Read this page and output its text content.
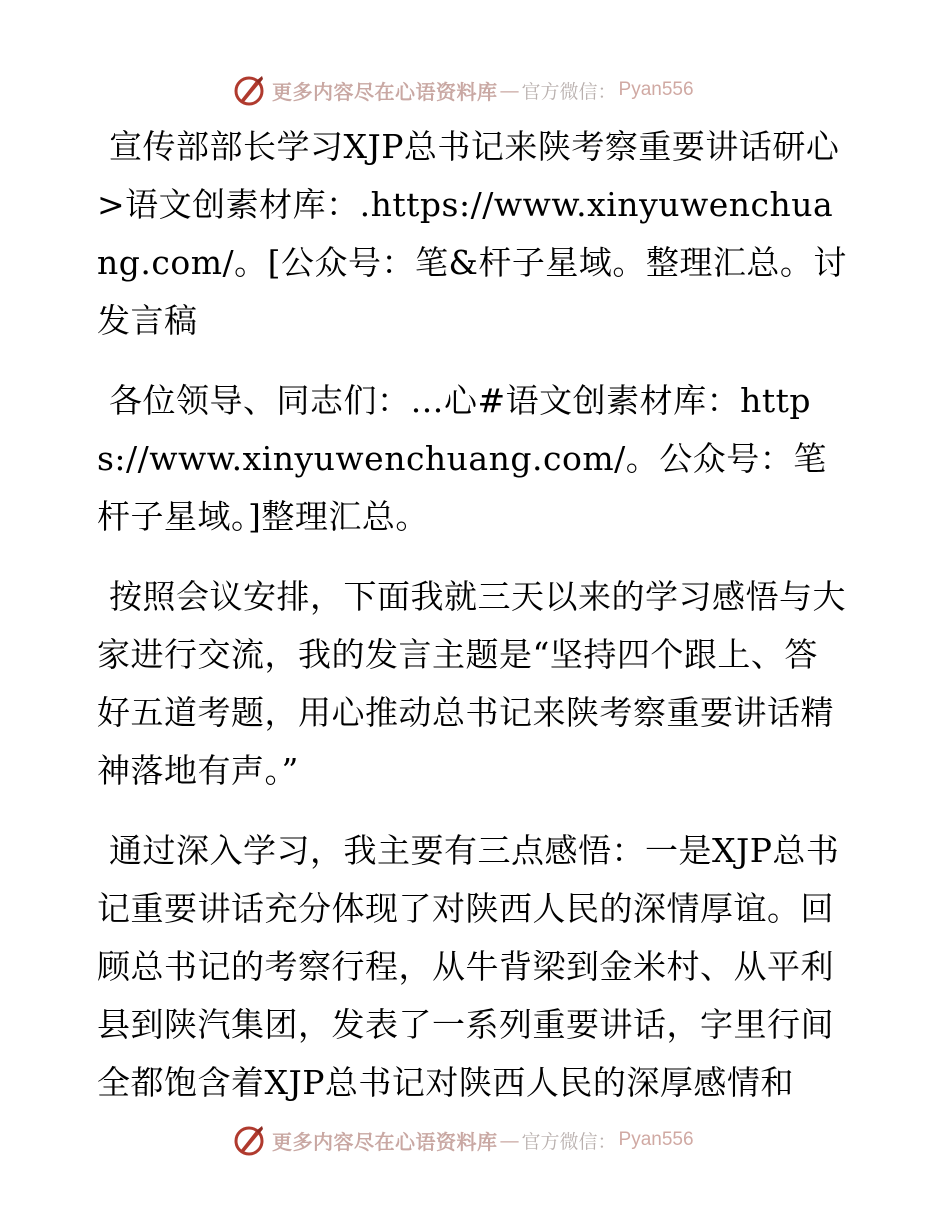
更多内容尽在心语资料库 — 官方微信： Pyan556

宣传部部长学习XJP总书记来陕考察重要讲话研心>语文创素材库：.https://www.xinyuwenchuang.com/。[公众号：笔&杆子星域。整理汇总。讨发言稿

各位领导、同志们：…心#语文创素材库：https://www.xinyuwenchuang.com/。公众号：笔杆子星域。]整理汇总。

按照会议安排，下面我就三天以来的学习感悟与大家进行交流，我的发言主题是“坚持四个跟上、答好五道考题，用心推动总书记来陕考察重要讲话精神落地有声。”

通过深入学习，我主要有三点感悟：一是XJP总书记重要讲话充分体现了对陕西人民的深情厚谊。回顾总书记的考察行程，从牛背梁到金米村、从平利县到陕汽集团，发表了一系列重要讲话，字里行间全都饱含着XJP总书记对陕西人民的深厚感情和

更多内容尽在心语资料库 — 官方微信： Pyan556
